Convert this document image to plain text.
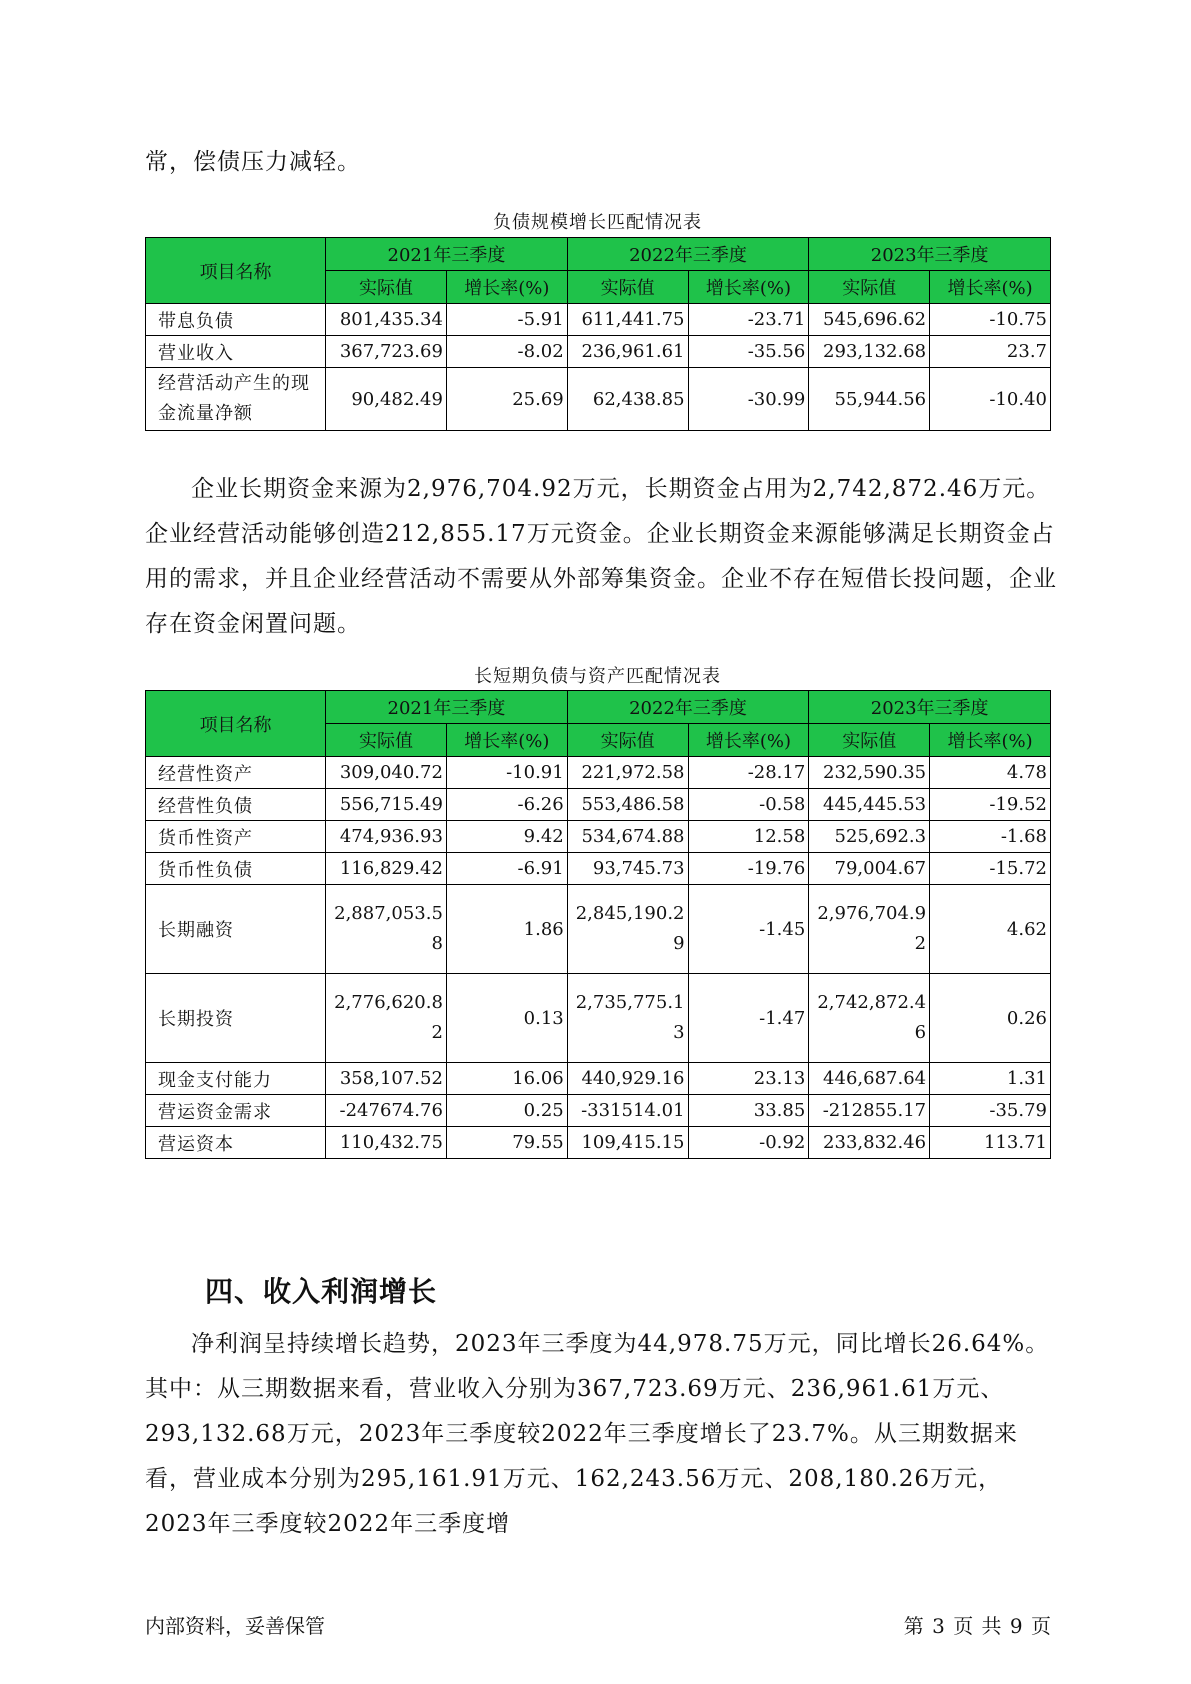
常，偿债压力减轻。

负债规模增长匹配情况表
项目名称	2021年三季度		2022年三季度		2023年三季度	
	实际值	增长率(%)	实际值	增长率(%)	实际值	增长率(%)
带息负债	801,435.34	-5.91	611,441.75	-23.71	545,696.62	-10.75
营业收入	367,723.69	-8.02	236,961.61	-35.56	293,132.68	23.7
经营活动产生的现金流量净额	90,482.49	25.69	62,438.85	-30.99	55,944.56	-10.40

企业长期资金来源为2,976,704.92万元，长期资金占用为2,742,872.46万元。企业经营活动能够创造212,855.17万元资金。企业长期资金来源能够满足长期资金占用的需求，并且企业经营活动不需要从外部筹集资金。企业不存在短借长投问题，企业存在资金闲置问题。

长短期负债与资产匹配情况表
项目名称	2021年三季度		2022年三季度		2023年三季度	
	实际值	增长率(%)	实际值	增长率(%)	实际值	增长率(%)
经营性资产	309,040.72	-10.91	221,972.58	-28.17	232,590.35	4.78
经营性负债	556,715.49	-6.26	553,486.58	-0.58	445,445.53	-19.52
货币性资产	474,936.93	9.42	534,674.88	12.58	525,692.3	-1.68
货币性负债	116,829.42	-6.91	93,745.73	-19.76	79,004.67	-15.72
长期融资	2,887,053.58	1.86	2,845,190.29	-1.45	2,976,704.92	4.62
长期投资	2,776,620.82	0.13	2,735,775.13	-1.47	2,742,872.46	0.26
现金支付能力	358,107.52	16.06	440,929.16	23.13	446,687.64	1.31
营运资金需求	-247674.76	0.25	-331514.01	33.85	-212855.17	-35.79
营运资本	110,432.75	79.55	109,415.15	-0.92	233,832.46	113.71
四、收入利润增长

净利润呈持续增长趋势，2023年三季度为44,978.75万元，同比增长26.64%。其中：从三期数据来看，营业收入分别为367,723.69万元、236,961.61万元、293,132.68万元，2023年三季度较2022年三季度增长了23.7%。从三期数据来看，营业成本分别为295,161.91万元、162,243.56万元、208,180.26万元，2023年三季度较2022年三季度增

内部资料，妥善保管	第 3 页 共 9 页
